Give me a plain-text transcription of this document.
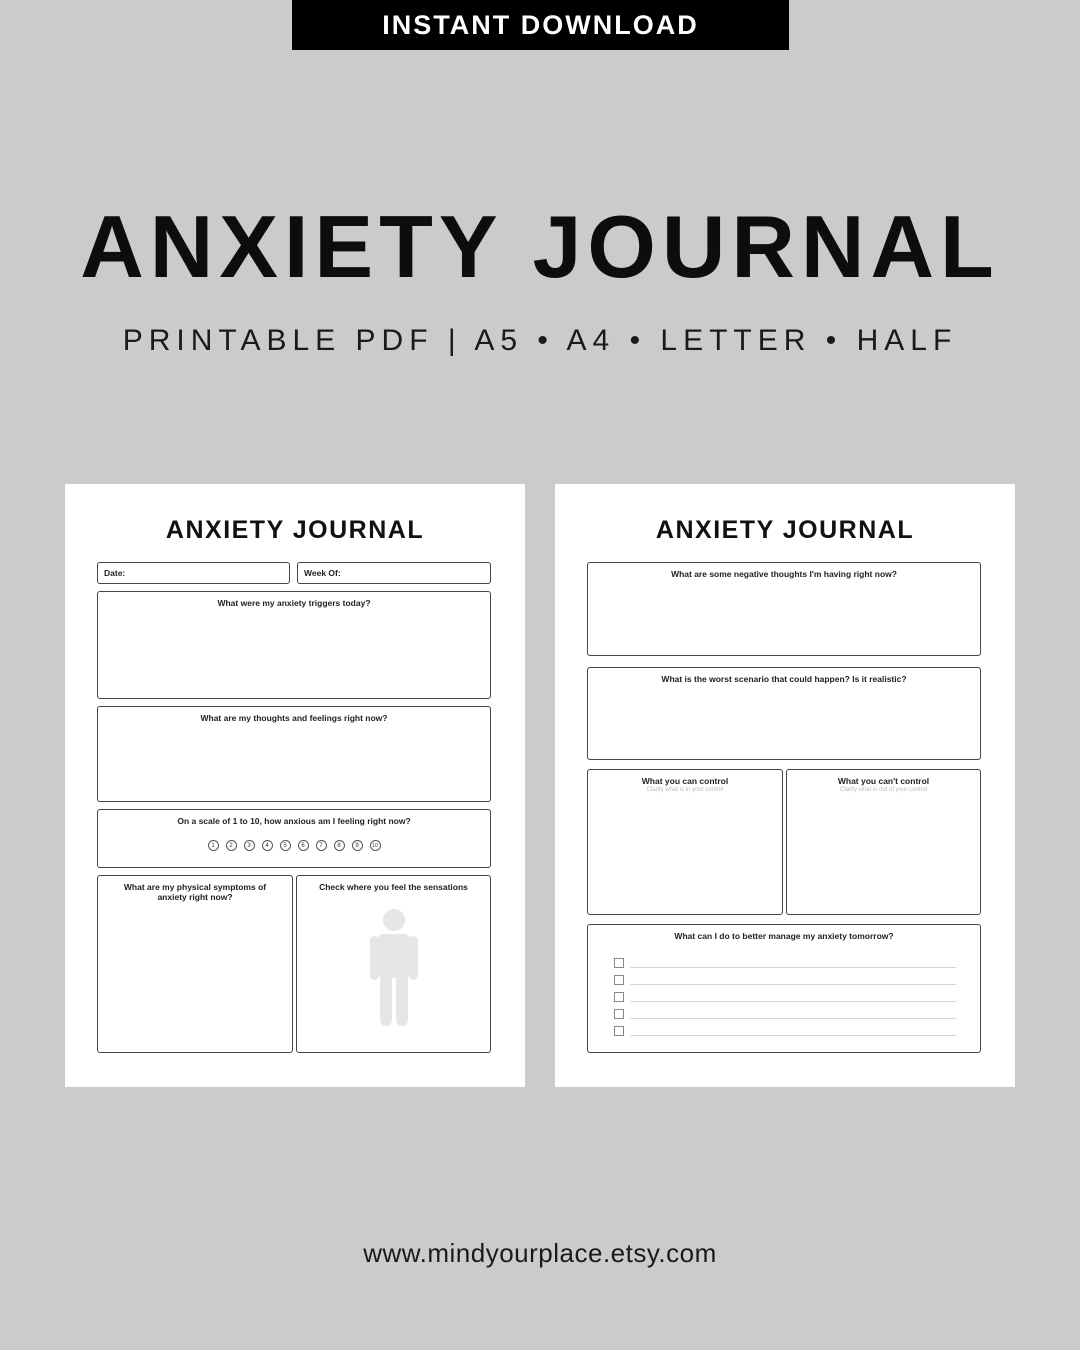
INSTANT DOWNLOAD
ANXIETY JOURNAL
PRINTABLE PDF | A5 • A4 • LETTER • HALF
ANXIETY JOURNAL
Date:	Week Of:
What were my anxiety triggers today?
What are my thoughts and feelings right now?
On a scale of 1 to 10, how anxious am I feeling right now?
1	2	3	4	5	6	7	8	9	10
What are my physical symptoms of anxiety right now?
Check where you feel the sensations
ANXIETY JOURNAL
What are some negative thoughts I'm having right now?
What is the worst scenario that could happen? Is it realistic?
What you can control
Clarify what is in your control
What you can't control
Clarify what is out of your control
What can I do to better manage my anxiety tomorrow?
www.mindyourplace.etsy.com
